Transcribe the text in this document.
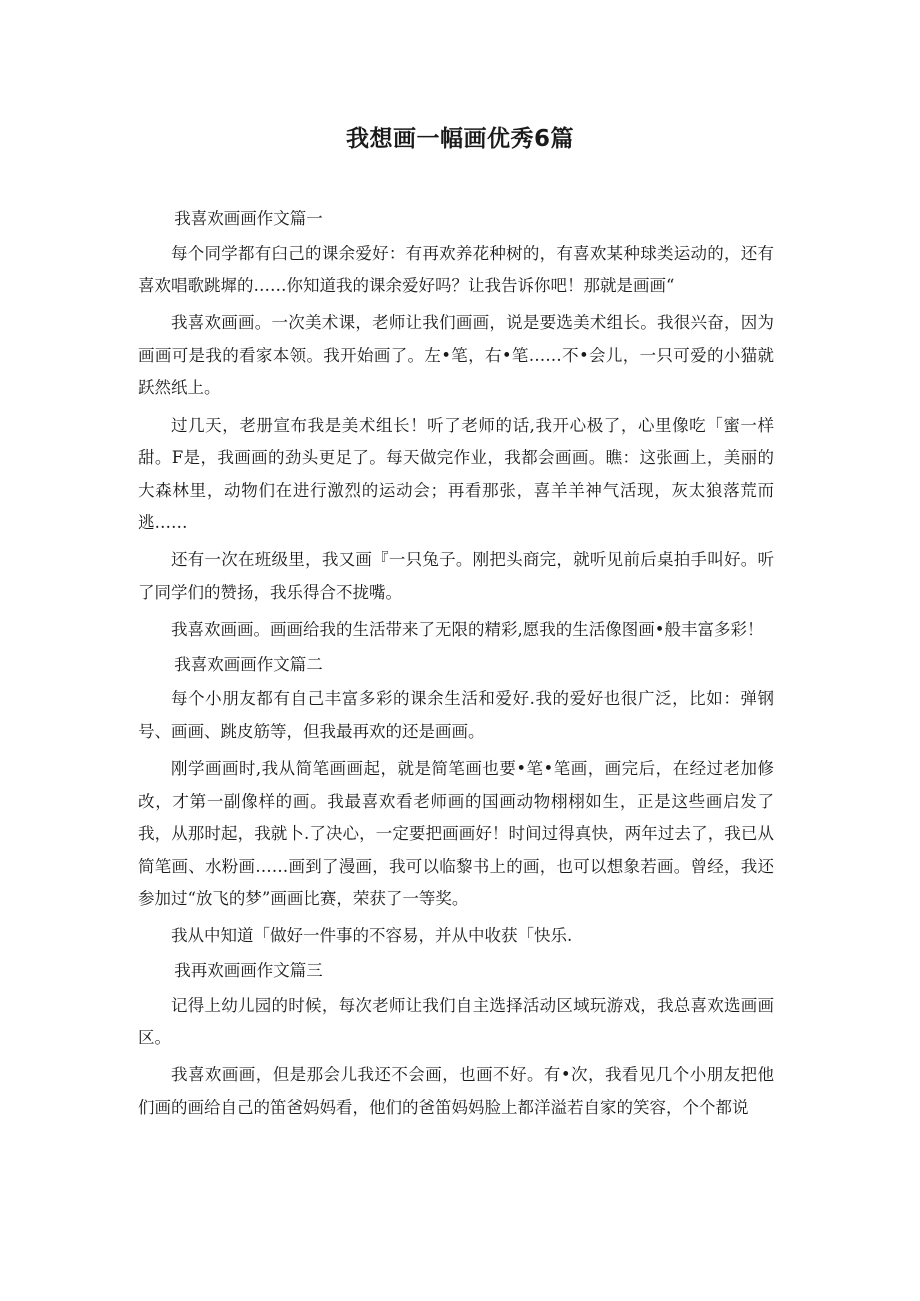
我想画一幅画优秀6篇

我喜欢画画作文篇一

每个同学都有臼己的课余爱好：有再欢养花种树的，有喜欢某种球类运动的，还有喜欢唱歌跳墀的……你知道我的课余爱好吗？让我告诉你吧！那就是画画“

我喜欢画画。一次美术课，老师让我们画画，说是要选美术组长。我很兴奋，因为画画可是我的看家本领。我开始画了。左•笔，右•笔……不•会儿，一只可爱的小猫就跃然纸上。

过几天，老册宣布我是美术组长！听了老师的话,我开心极了，心里像吃「蜜一样甜。F是，我画画的劲头更足了。每天做完作业，我都会画画。瞧：这张画上，美丽的大森林里，动物们在进行激烈的运动会；再看那张，喜羊羊神气活现，灰太狼落荒而逃……

还有一次在班级里，我又画『一只兔子。刚把头商完，就听见前后桌拍手叫好。听了同学们的赞扬，我乐得合不拢嘴。

我喜欢画画。画画给我的生活带来了无限的精彩,愿我的生活像图画•般丰富多彩！

我喜欢画画作文篇二

每个小朋友都有自己丰富多彩的课余生活和爱好.我的爱好也很广泛，比如：弹钢号、画画、跳皮筋等，但我最再欢的还是画画。

刚学画画时,我从简笔画画起，就是简笔画也要•笔•笔画，画完后，在经过老加修改，才第一副像样的画。我最喜欢看老师画的国画动物栩栩如生，正是这些画启发了我，从那时起，我就卜.了决心，一定要把画画好！时间过得真快，两年过去了，我已从简笔画、水粉画……画到了漫画，我可以临黎书上的画，也可以想象若画。曾经，我还参加过“放飞的梦”画画比赛，荣获了一等奖。

我从中知道「做好一件事的不容易，并从中收获「快乐.

我再欢画画作文篇三

记得上幼儿园的时候，每次老师让我们自主选择活动区域玩游戏，我总喜欢选画画区。

我喜欢画画，但是那会儿我还不会画，也画不好。有•次，我看见几个小朋友把他们画的画给自己的笛爸妈妈看，他们的爸笛妈妈脸上都洋溢若自家的笑容，个个都说
